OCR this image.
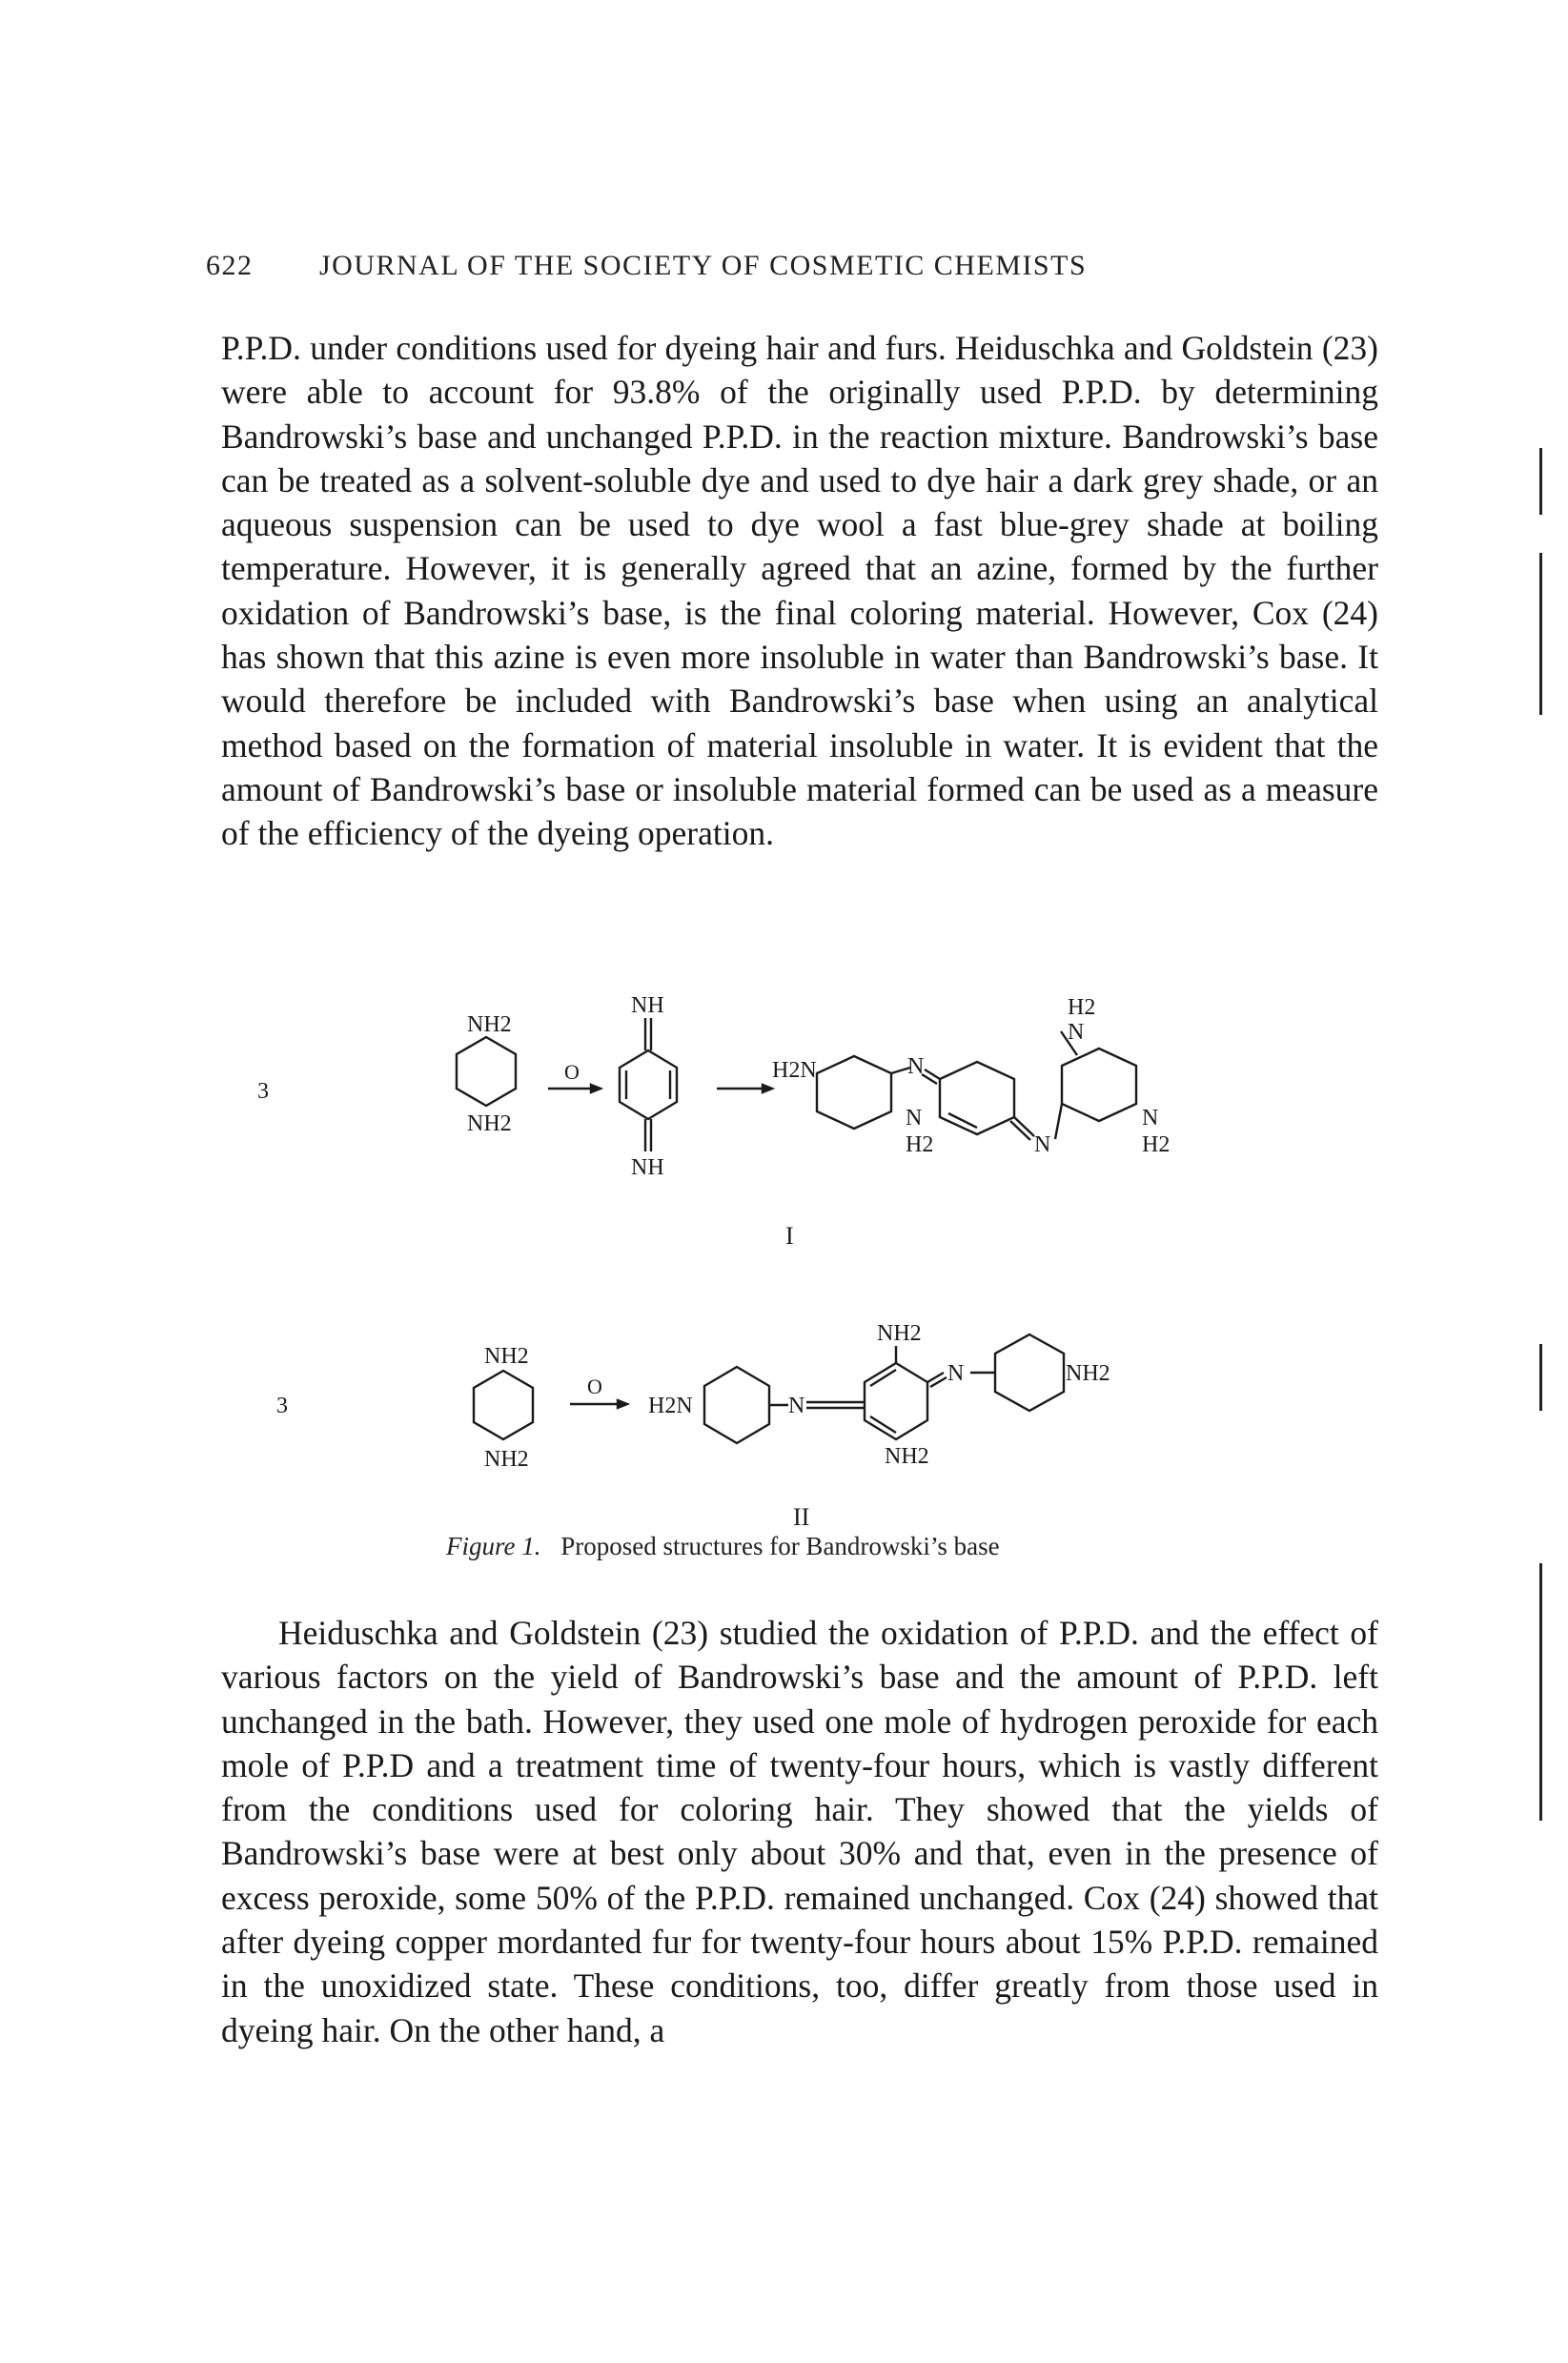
622 JOURNAL OF THE SOCIETY OF COSMETIC CHEMISTS

P.P.D. under conditions used for dyeing hair and furs. Heiduschka and Goldstein (23) were able to account for 93.8% of the originally used P.P.D. by determining Bandrowski’s base and unchanged P.P.D. in the reaction mixture. Bandrowski’s base can be treated as a solvent-soluble dye and used to dye hair a dark grey shade, or an aqueous suspension can be used to dye wool a fast blue-grey shade at boiling temperature. However, it is generally agreed that an azine, formed by the further oxidation of Bandrowski’s base, is the final coloring material. However, Cox (24) has shown that this azine is even more insoluble in water than Bandrowski’s base. It would therefore be included with Bandrowski’s base when using an analytical method based on the formation of material insoluble in water. It is evident that the amount of Bandrowski’s base or insoluble material formed can be used as a measure of the efficiency of the dyeing operation.

3
NH2
NH2
O
NH
NH
H2N	N
N
H2	N
H2
N
N
H2
I
3
NH2
NH2
O
H2N	N
NH2
NH2
N	NH2
II
Figure 1. Proposed structures for Bandrowski’s base

Heiduschka and Goldstein (23) studied the oxidation of P.P.D. and the effect of various factors on the yield of Bandrowski’s base and the amount of P.P.D. left unchanged in the bath. However, they used one mole of hydrogen peroxide for each mole of P.P.D and a treatment time of twenty-four hours, which is vastly different from the conditions used for coloring hair. They showed that the yields of Bandrowski’s base were at best only about 30% and that, even in the presence of excess peroxide, some 50% of the P.P.D. remained unchanged. Cox (24) showed that after dyeing copper mordanted fur for twenty-four hours about 15% P.P.D. remained in the unoxidized state. These conditions, too, differ greatly from those used in dyeing hair. On the other hand, a
